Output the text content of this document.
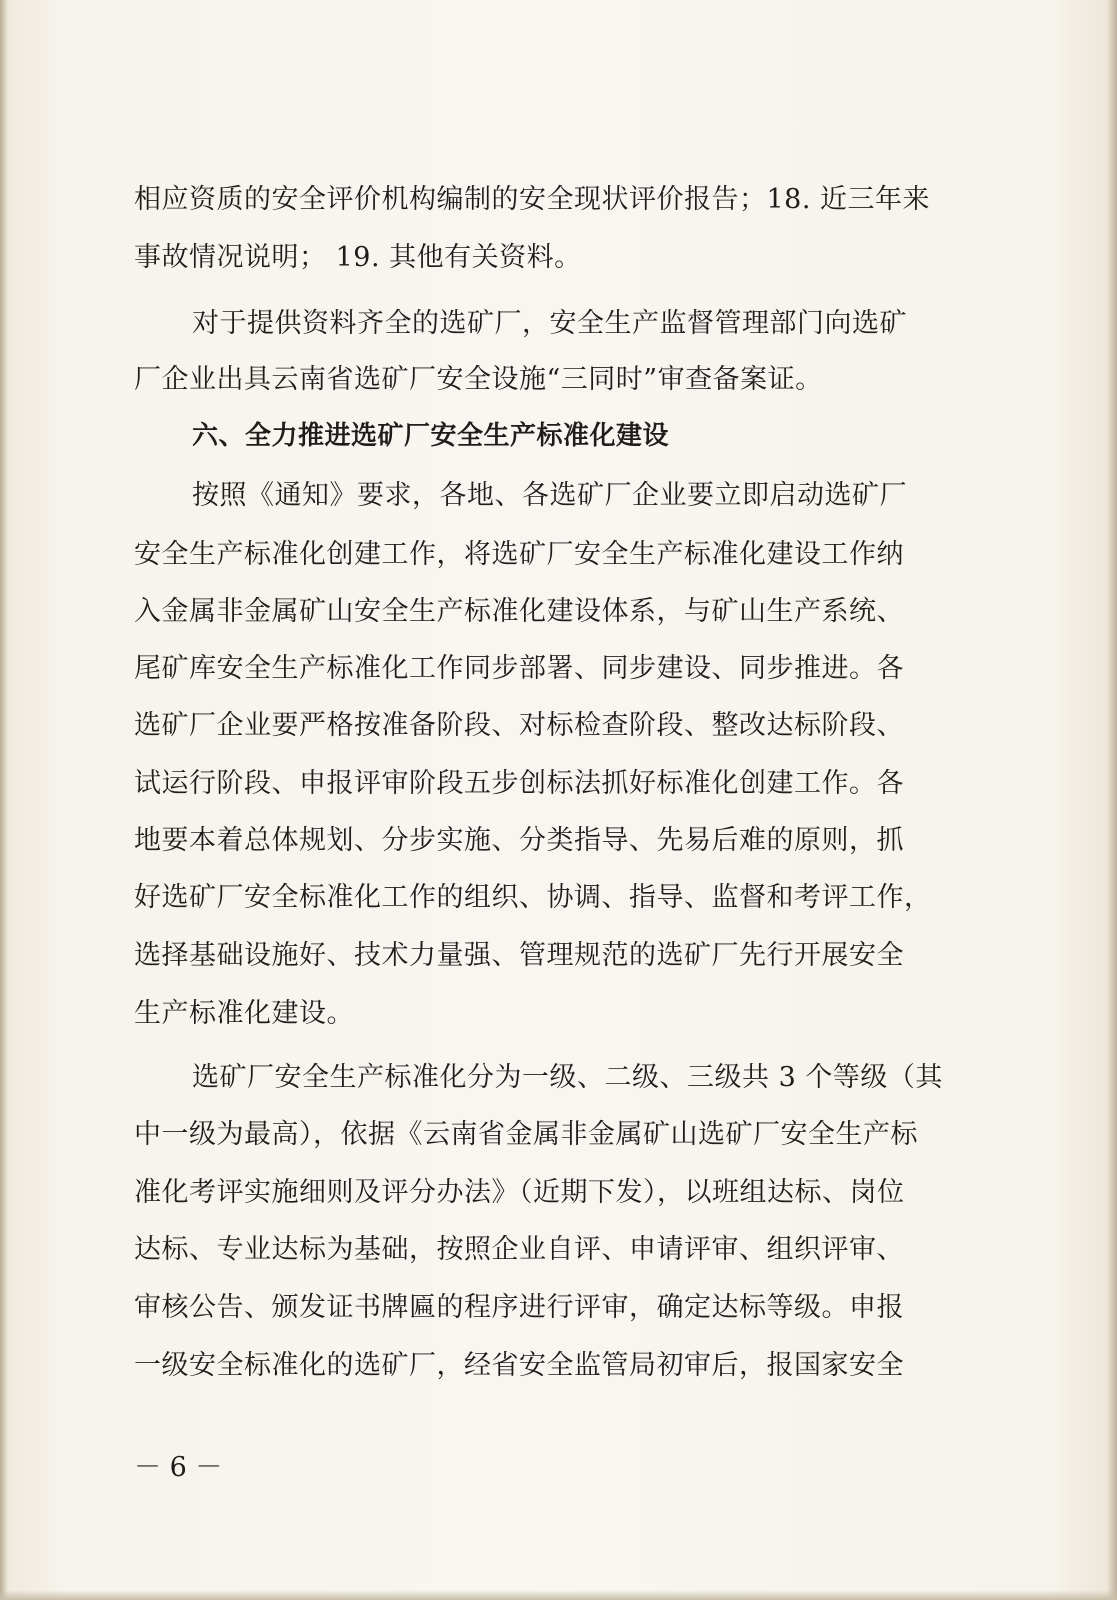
相应资质的安全评价机构编制的安全现状评价报告；18. 近三年来
事故情况说明； 19. 其他有关资料。
对于提供资料齐全的选矿厂，安全生产监督管理部门向选矿
厂企业出具云南省选矿厂安全设施“三同时”审查备案证。
六、全力推进选矿厂安全生产标准化建设
按照《通知》要求，各地、各选矿厂企业要立即启动选矿厂
安全生产标准化创建工作，将选矿厂安全生产标准化建设工作纳
入金属非金属矿山安全生产标准化建设体系，与矿山生产系统、
尾矿库安全生产标准化工作同步部署、同步建设、同步推进。各
选矿厂企业要严格按准备阶段、对标检查阶段、整改达标阶段、
试运行阶段、申报评审阶段五步创标法抓好标准化创建工作。各
地要本着总体规划、分步实施、分类指导、先易后难的原则，抓
好选矿厂安全标准化工作的组织、协调、指导、监督和考评工作，
选择基础设施好、技术力量强、管理规范的选矿厂先行开展安全
生产标准化建设。
选矿厂安全生产标准化分为一级、二级、三级共 3 个等级（其
中一级为最高），依据《云南省金属非金属矿山选矿厂安全生产标
准化考评实施细则及评分办法》（近期下发），以班组达标、岗位
达标、专业达标为基础，按照企业自评、申请评审、组织评审、
审核公告、颁发证书牌匾的程序进行评审，确定达标等级。申报
一级安全标准化的选矿厂，经省安全监管局初审后，报国家安全
－ 6 －
